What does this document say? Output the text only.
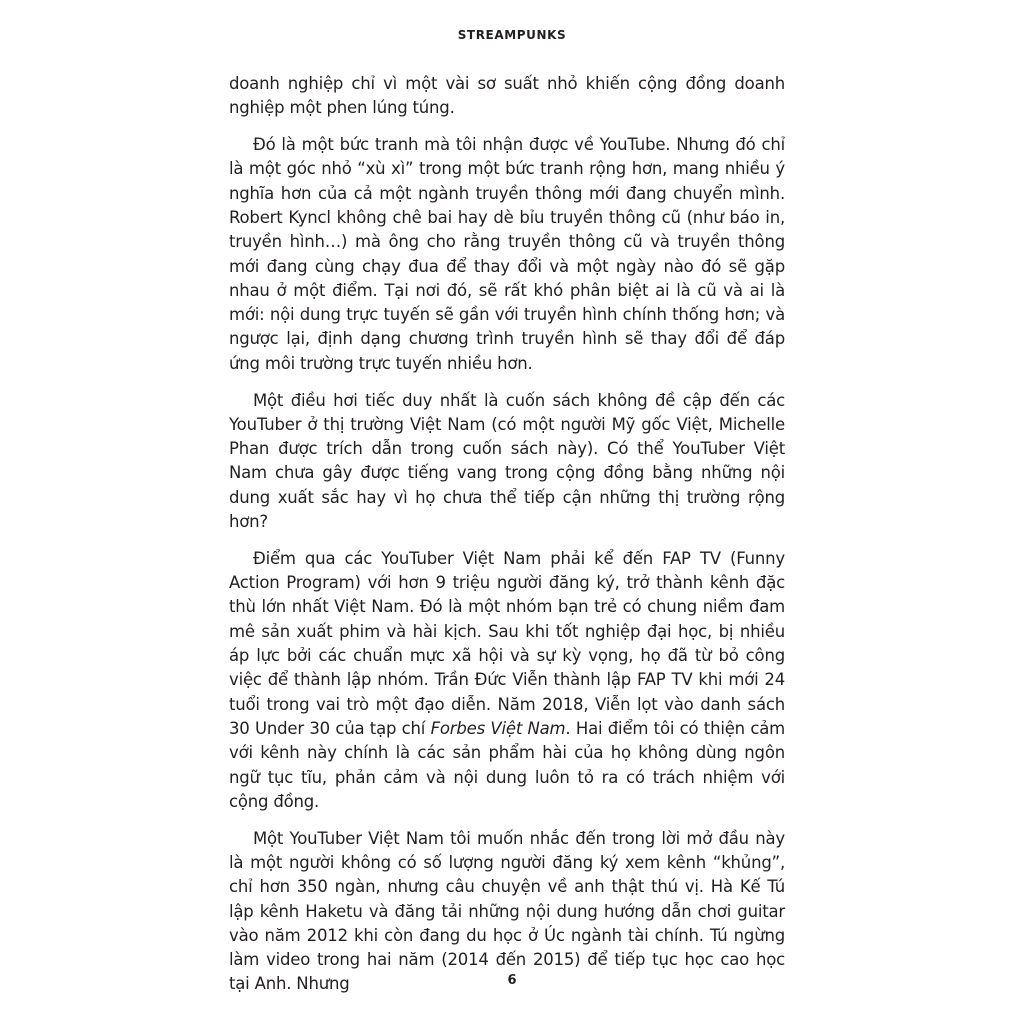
STREAMPUNKS

doanh nghiệp chỉ vì một vài sơ suất nhỏ khiến cộng đồng doanh nghiệp một phen lúng túng.

Đó là một bức tranh mà tôi nhận được về YouTube. Nhưng đó chỉ là một góc nhỏ “xù xì” trong một bức tranh rộng hơn, mang nhiều ý nghĩa hơn của cả một ngành truyền thông mới đang chuyển mình. Robert Kyncl không chê bai hay dè bỉu truyền thông cũ (như báo in, truyền hình…) mà ông cho rằng truyền thông cũ và truyền thông mới đang cùng chạy đua để thay đổi và một ngày nào đó sẽ gặp nhau ở một điểm. Tại nơi đó, sẽ rất khó phân biệt ai là cũ và ai là mới: nội dung trực tuyến sẽ gần với truyền hình chính thống hơn; và ngược lại, định dạng chương trình truyền hình sẽ thay đổi để đáp ứng môi trường trực tuyến nhiều hơn.

Một điều hơi tiếc duy nhất là cuốn sách không đề cập đến các YouTuber ở thị trường Việt Nam (có một người Mỹ gốc Việt, Michelle Phan được trích dẫn trong cuốn sách này). Có thể YouTuber Việt Nam chưa gây được tiếng vang trong cộng đồng bằng những nội dung xuất sắc hay vì họ chưa thể tiếp cận những thị trường rộng hơn?

Điểm qua các YouTuber Việt Nam phải kể đến FAP TV (Funny Action Program) với hơn 9 triệu người đăng ký, trở thành kênh đặc thù lớn nhất Việt Nam. Đó là một nhóm bạn trẻ có chung niềm đam mê sản xuất phim và hài kịch. Sau khi tốt nghiệp đại học, bị nhiều áp lực bởi các chuẩn mực xã hội và sự kỳ vọng, họ đã từ bỏ công việc để thành lập nhóm. Trần Đức Viễn thành lập FAP TV khi mới 24 tuổi trong vai trò một đạo diễn. Năm 2018, Viễn lọt vào danh sách 30 Under 30 của tạp chí Forbes Việt Nam. Hai điểm tôi có thiện cảm với kênh này chính là các sản phẩm hài của họ không dùng ngôn ngữ tục tĩu, phản cảm và nội dung luôn tỏ ra có trách nhiệm với cộng đồng.

Một YouTuber Việt Nam tôi muốn nhắc đến trong lời mở đầu này là một người không có số lượng người đăng ký xem kênh “khủng”, chỉ hơn 350 ngàn, nhưng câu chuyện về anh thật thú vị. Hà Kế Tú lập kênh Haketu và đăng tải những nội dung hướng dẫn chơi guitar vào năm 2012 khi còn đang du học ở Úc ngành tài chính. Tú ngừng làm video trong hai năm (2014 đến 2015) để tiếp tục học cao học tại Anh. Nhưng	6
